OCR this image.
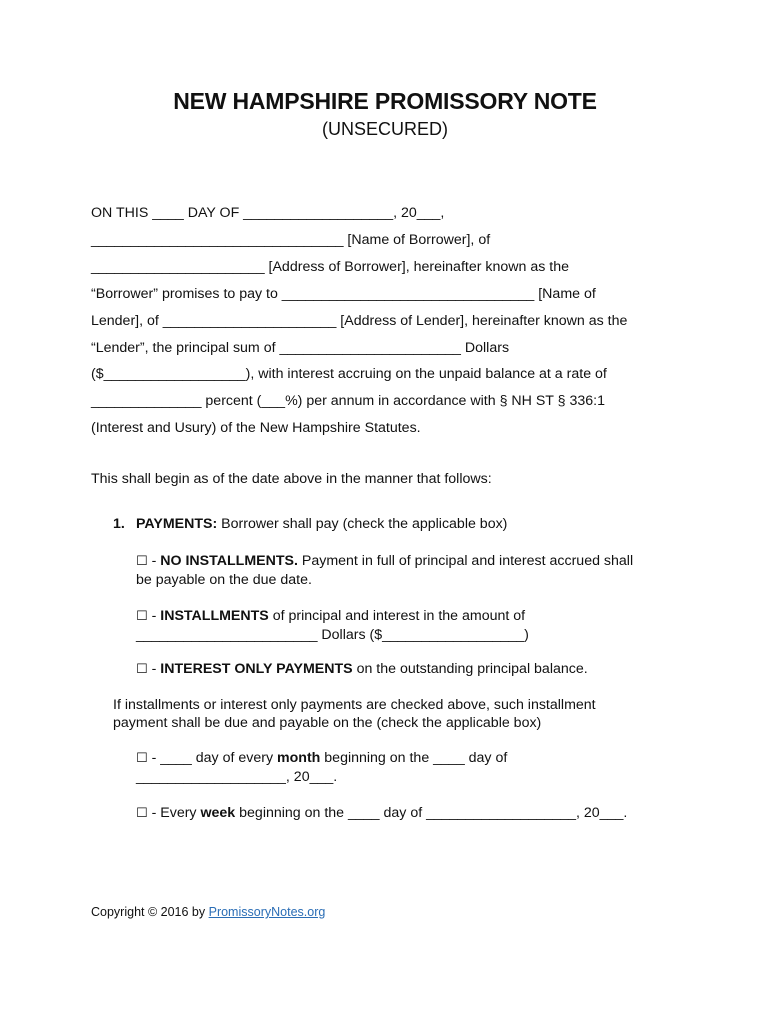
NEW HAMPSHIRE PROMISSORY NOTE
(UNSECURED)

ON THIS ____ DAY OF ___________________, 20___,
________________________________ [Name of Borrower], of
______________________ [Address of Borrower], hereinafter known as the
“Borrower” promises to pay to ________________________________ [Name of
Lender], of ______________________ [Address of Lender], hereinafter known as the
“Lender”, the principal sum of _______________________ Dollars
($__________________), with interest accruing on the unpaid balance at a rate of
______________ percent (___%) per annum in accordance with § NH ST § 336:1
(Interest and Usury) of the New Hampshire Statutes.

This shall begin as of the date above in the manner that follows:
1. PAYMENTS: Borrower shall pay (check the applicable box)
☐ - NO INSTALLMENTS. Payment in full of principal and interest accrued shall
be payable on the due date.
☐ - INSTALLMENTS of principal and interest in the amount of
_______________________ Dollars ($__________________)
☐ - INTEREST ONLY PAYMENTS on the outstanding principal balance.
If installments or interest only payments are checked above, such installment
payment shall be due and payable on the (check the applicable box)
☐ - ____ day of every month beginning on the ____ day of
___________________, 20___.
☐ - Every week beginning on the ____ day of ___________________, 20___.
Copyright © 2016 by PromissoryNotes.org
